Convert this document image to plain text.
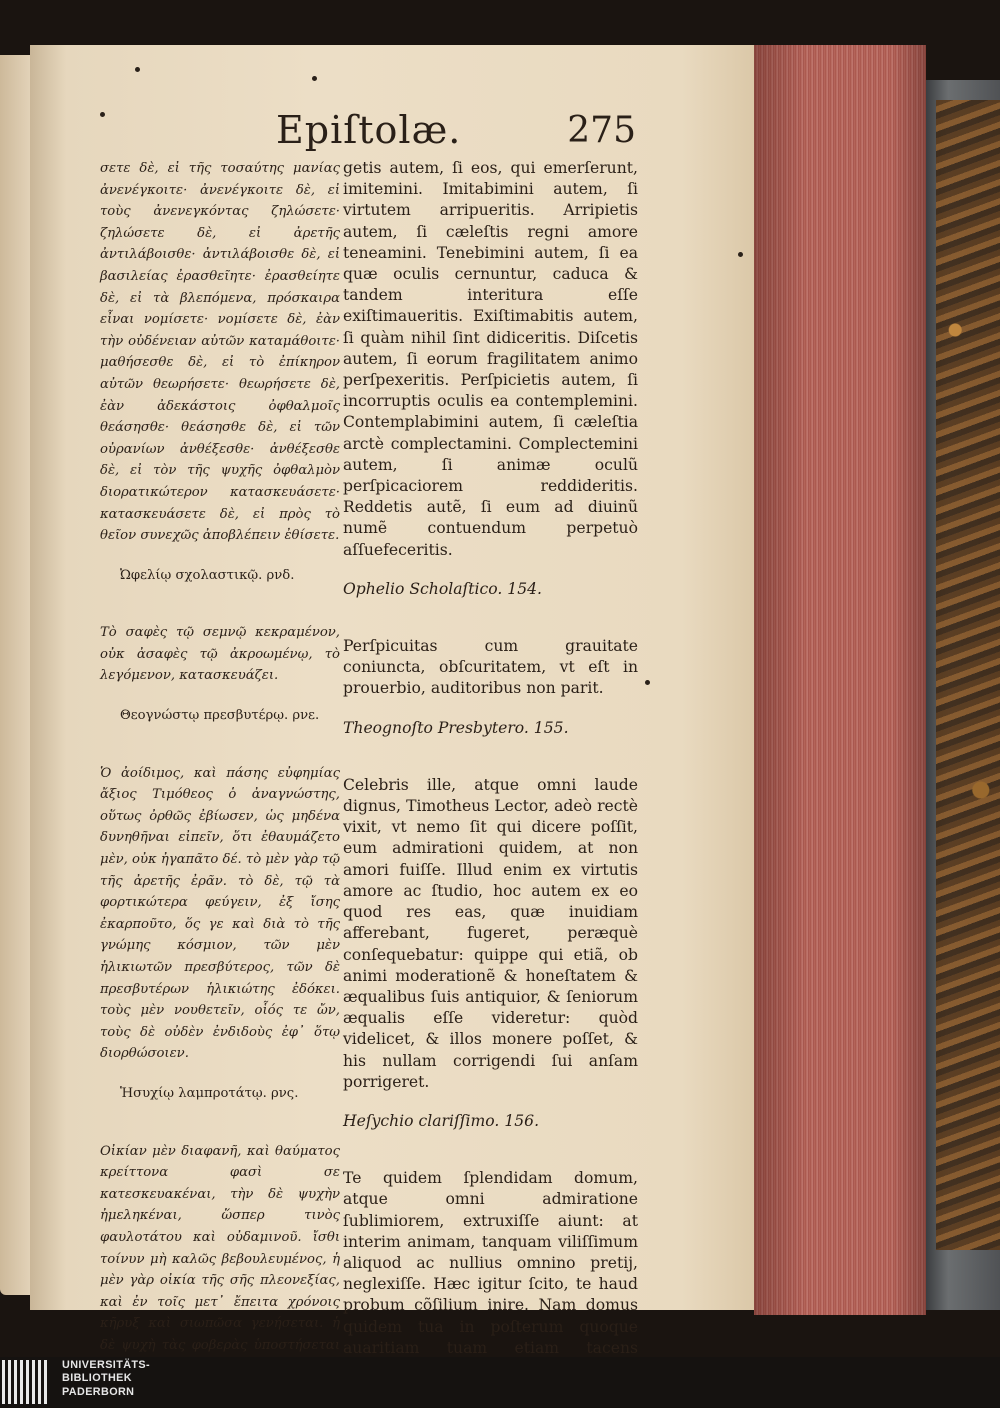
Epiſtolæ.	275

σετε δὲ, εἰ τῆς τοσαύτης μανίας ἀνενέγκοιτε· ἀνενέγκοιτε δὲ, εἰ τοὺς ἀνενεγκόντας ζηλώσετε· ζηλώσετε δὲ, εἰ ἀρετῆς ἀντιλάβοισθε· ἀντιλάβοισθε δὲ, εἰ βασιλείας ἐρασθεῖητε· ἐρασθείητε δὲ, εἰ τὰ βλεπόμενα, πρόσκαιρα εἶναι νομίσετε· νομίσετε δὲ, ἐὰν τὴν οὐδένειαν αὐτῶν καταμάθοιτε· μαθήσεσθε δὲ, εἰ τὸ ἐπίκηρον αὐτῶν θεωρήσετε· θεωρήσετε δὲ, ἐὰν ἀδεκάστοις ὀφθαλμοῖς θεάσησθε· θεάσησθε δὲ, εἰ τῶν οὐρανίων ἀνθέξεσθε· ἀνθέξεσθε δὲ, εἰ τὸν τῆς ψυχῆς ὀφθαλμὸν διορατικώτερον κατασκευάσετε· κατασκευάσετε δὲ, εἰ πρὸς τὸ θεῖον συνεχῶς ἀποβλέπειν ἐθίσετε.

Ὠφελίῳ σχολαστικῷ. ρνδ.

Τὸ σαφὲς τῷ σεμνῷ κεκραμένον, οὐκ ἀσαφὲς τῷ ἀκροωμένῳ, τὸ λεγόμενον, κατασκευάζει.

Θεογνώστῳ πρεσβυτέρῳ. ρνε.

Ὁ ἀοίδιμος, καὶ πάσης εὐφημίας ἄξιος Τιμόθεος ὁ ἀναγνώστης, οὕτως ὀρθῶς ἐβίωσεν, ὡς μηδένα δυνηθῆναι εἰπεῖν, ὅτι ἐθαυμάζετο μὲν, οὐκ ἠγαπᾶτο δέ. τὸ μὲν γὰρ τῷ τῆς ἀρετῆς ἐρᾶν. τὸ δὲ, τῷ τὰ φορτικώτερα φεύγειν, ἐξ ἴσης ἐκαρποῦτο, ὅς γε καὶ διὰ τὸ τῆς γνώμης κόσμιον, τῶν μὲν ἡλικιωτῶν πρεσβύτερος, τῶν δὲ πρεσβυτέρων ἡλικιώτης ἐδόκει. τοὺς μὲν νουθετεῖν, οἷός τε ὤν, τοὺς δὲ οὐδὲν ἐνδιδοὺς ἐφ᾽ ὅτῳ διορθώσοιεν.

Ἡσυχίῳ λαμπροτάτῳ. ρνς.

Οἰκίαν μὲν διαφανῆ, καὶ θαύματος κρείττονα φασὶ σε κατεσκευακέναι, τὴν δὲ ψυχὴν ἠμεληκέναι, ὥσπερ τινὸς φαυλοτάτου καὶ οὐδαμινοῦ. ἴσθι τοίνυν μὴ καλῶς βεβουλευμένος, ἡ μὲν γὰρ οἰκία τῆς σῆς πλεονεξίας, καὶ ἐν τοῖς μετ᾽ ἔπειτα χρόνοις κῆρυξ καὶ σιωπῶσα γενήσεται. ἡ δὲ ψυχὴ τὰς φοβερὰς ὑποστήσεται

getis autem, ſi eos, qui emerſerunt, imitemini. Imitabimini autem, ſi virtutem arripueritis. Arripietis autem, ſi cæleſtis regni amore teneamini. Tenebimini autem, ſi ea quæ oculis cernuntur, caduca & tandem interitura eſſe exiſtimaueritis. Exiſtimabitis autem, ſi quàm nihil ſint didiceritis. Diſcetis autem, ſi eorum fragilitatem animo perſpexeritis. Perſpicietis autem, ſi incorruptis oculis ea contemplemini. Contemplabimini autem, ſi cæleſtia arctè complectamini. Complectemini autem, ſi animæ oculũ perſpicaciorem reddideritis. Reddetis autẽ, ſi eum ad diuinũ numẽ contuendum perpetuò aſſuefeceritis.

Ophelio Scholaſtico. 154.

Perſpicuitas cum grauitate coniuncta, obſcuritatem, vt eſt in prouerbio, auditoribus non parit.

Theognoſto Presbytero. 155.

Celebris ille, atque omni laude dignus, Timotheus Lector, adeò rectè vixit, vt nemo ſit qui dicere poſſit, eum admirationi quidem, at non amori fuiſſe. Illud enim ex virtutis amore ac ſtudio, hoc autem ex eo quod res eas, quæ inuidiam afferebant, fugeret, peræquè conſequebatur: quippe qui etiã, ob animi moderationẽ & honeſtatem & æqualibus ſuis antiquior, & ſeniorum æqualis eſſe videretur: quòd videlicet, & illos monere poſſet, & his nullam corrigendi ſui anſam porrigeret.

Heſychio clariſſimo. 156.

Te quidem ſplendidam domum, atque omni admiratione ſublimiorem, extruxiſſe aiunt: at interim animam, tanquam viliſſimum aliquod ac nullius omnino pretij, neglexiſſe. Hæc igitur ſcito, te haud probum cõſilium inire. Nam domus quidem tua in poſterum quoque auaritiam tuam etiam tacens

UNIVERSITÄTS-
BIBLIOTHEK
PADERBORN
